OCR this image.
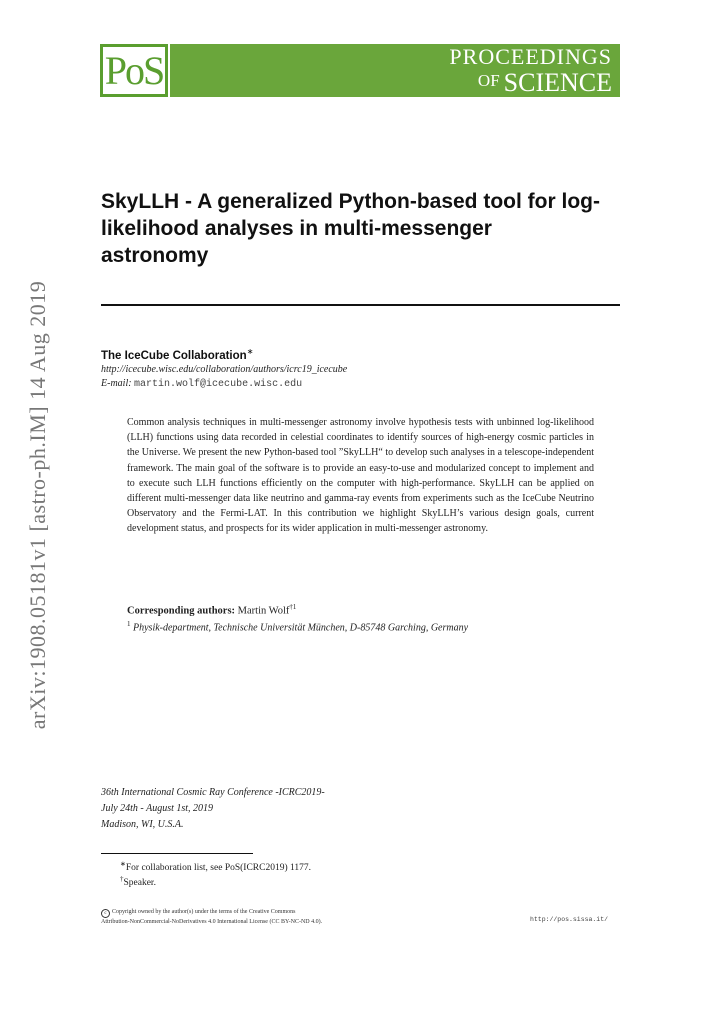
PoS	PROCEEDINGS
OF SCIENCE
arXiv:1908.05181v1 [astro-ph.IM] 14 Aug 2019
SkyLLH - A generalized Python-based tool for log-likelihood analyses in multi-messenger astronomy
The IceCube Collaboration∗
http://icecube.wisc.edu/collaboration/authors/icrc19_icecube
E-mail: martin.wolf@icecube.wisc.edu

Common analysis techniques in multi-messenger astronomy involve hypothesis tests with unbinned log-likelihood (LLH) functions using data recorded in celestial coordinates to identify sources of high-energy cosmic particles in the Universe. We present the new Python-based tool ”SkyLLH“ to develop such analyses in a telescope-independent framework. The main goal of the software is to provide an easy-to-use and modularized concept to implement and to execute such LLH functions efficiently on the computer with high-performance. SkyLLH can be applied on different multi-messenger data like neutrino and gamma-ray events from experiments such as the IceCube Neutrino Observatory and the Fermi-LAT. In this contribution we highlight SkyLLH’s various design goals, current development status, and prospects for its wider application in multi-messenger astronomy.

Corresponding authors: Martin Wolf$^{\dagger 1}$
$^1$ Physik-department, Technische Universität München, D-85748 Garching, Germany
36th International Cosmic Ray Conference -ICRC2019-
July 24th - August 1st, 2019
Madison, WI, U.S.A.
∗For collaboration list, see PoS(ICRC2019) 1177.
†Speaker.
c Copyright owned by the author(s) under the terms of the Creative Commons
Attribution-NonCommercial-NoDerivatives 4.0 International License (CC BY-NC-ND 4.0).	http://pos.sissa.it/
